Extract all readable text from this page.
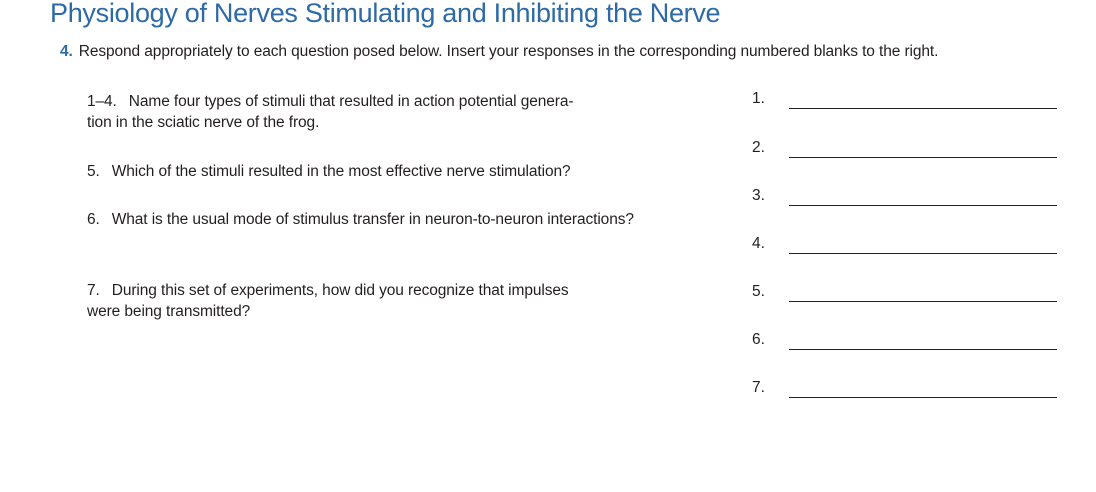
Physiology of Nerves Stimulating and Inhibiting the Nerve
4. Respond appropriately to each question posed below. Insert your responses in the corresponding numbered blanks to the right.
1–4. Name four types of stimuli that resulted in action potential genera-
tion in the sciatic nerve of the frog.
5. Which of the stimuli resulted in the most effective nerve stimulation?
6. What is the usual mode of stimulus transfer in neuron-to-neuron interactions?
7. During this set of experiments, how did you recognize that impulses
were being transmitted?
1.
2.
3.
4.
5.
6.
7.
